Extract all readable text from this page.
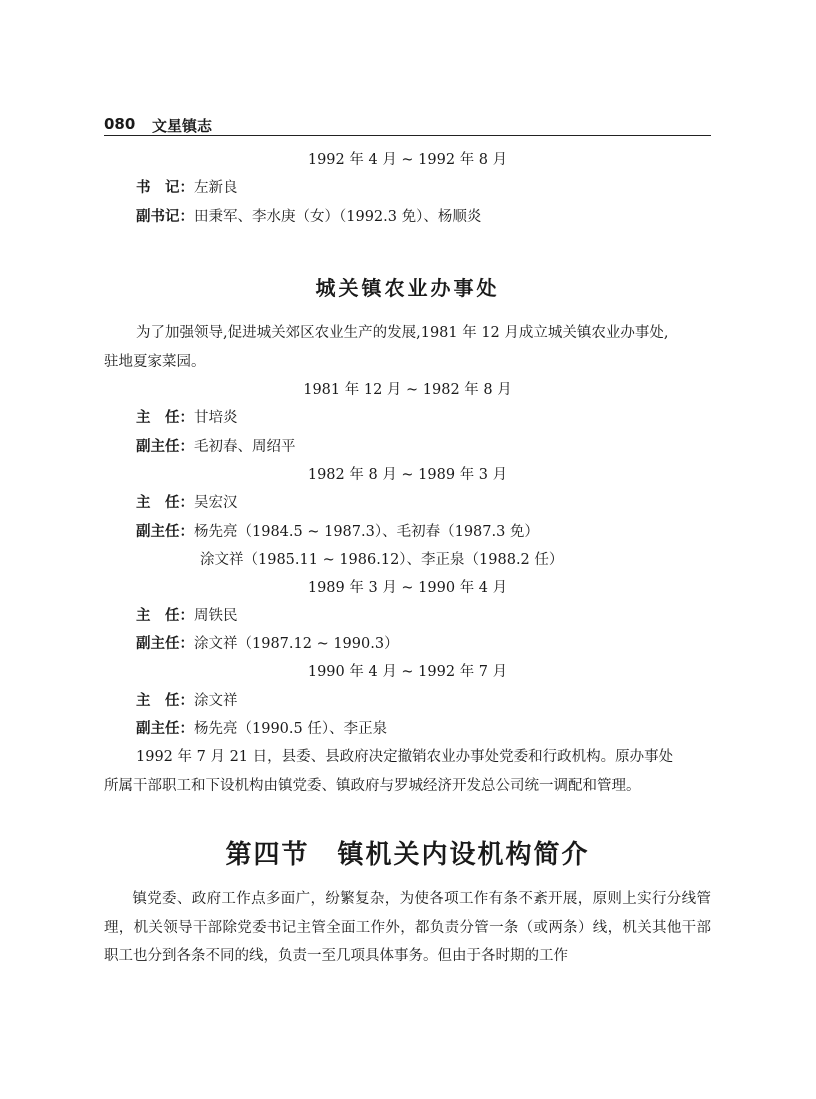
080 文星镇志
1992 年 4 月 ~ 1992 年 8 月
书　记：左新良
副书记：田秉军、李水庚（女）（1992.3 免）、杨顺炎
城关镇农业办事处
为了加强领导,促进城关郊区农业生产的发展,1981 年 12 月成立城关镇农业办事处,
驻地夏家菜园。
1981 年 12 月 ~ 1982 年 8 月
主　任：甘培炎
副主任：毛初春、周绍平
1982 年 8 月 ~ 1989 年 3 月
主　任：吴宏汉
副主任：杨先亮（1984.5 ~ 1987.3）、毛初春（1987.3 免）
涂文祥（1985.11 ~ 1986.12）、李正泉（1988.2 任）
1989 年 3 月 ~ 1990 年 4 月
主　任：周铁民
副主任：涂文祥（1987.12 ~ 1990.3）
1990 年 4 月 ~ 1992 年 7 月
主　任：涂文祥
副主任：杨先亮（1990.5 任）、李正泉
1992 年 7 月 21 日，县委、县政府决定撤销农业办事处党委和行政机构。原办事处
所属干部职工和下设机构由镇党委、镇政府与罗城经济开发总公司统一调配和管理。
第四节 镇机关内设机构简介
镇党委、政府工作点多面广，纷繁复杂，为使各项工作有条不紊开展，原则上实行分线管理，机关领导干部除党委书记主管全面工作外，都负责分管一条（或两条）线，机关其他干部职工也分到各条不同的线，负责一至几项具体事务。但由于各时期的工作
